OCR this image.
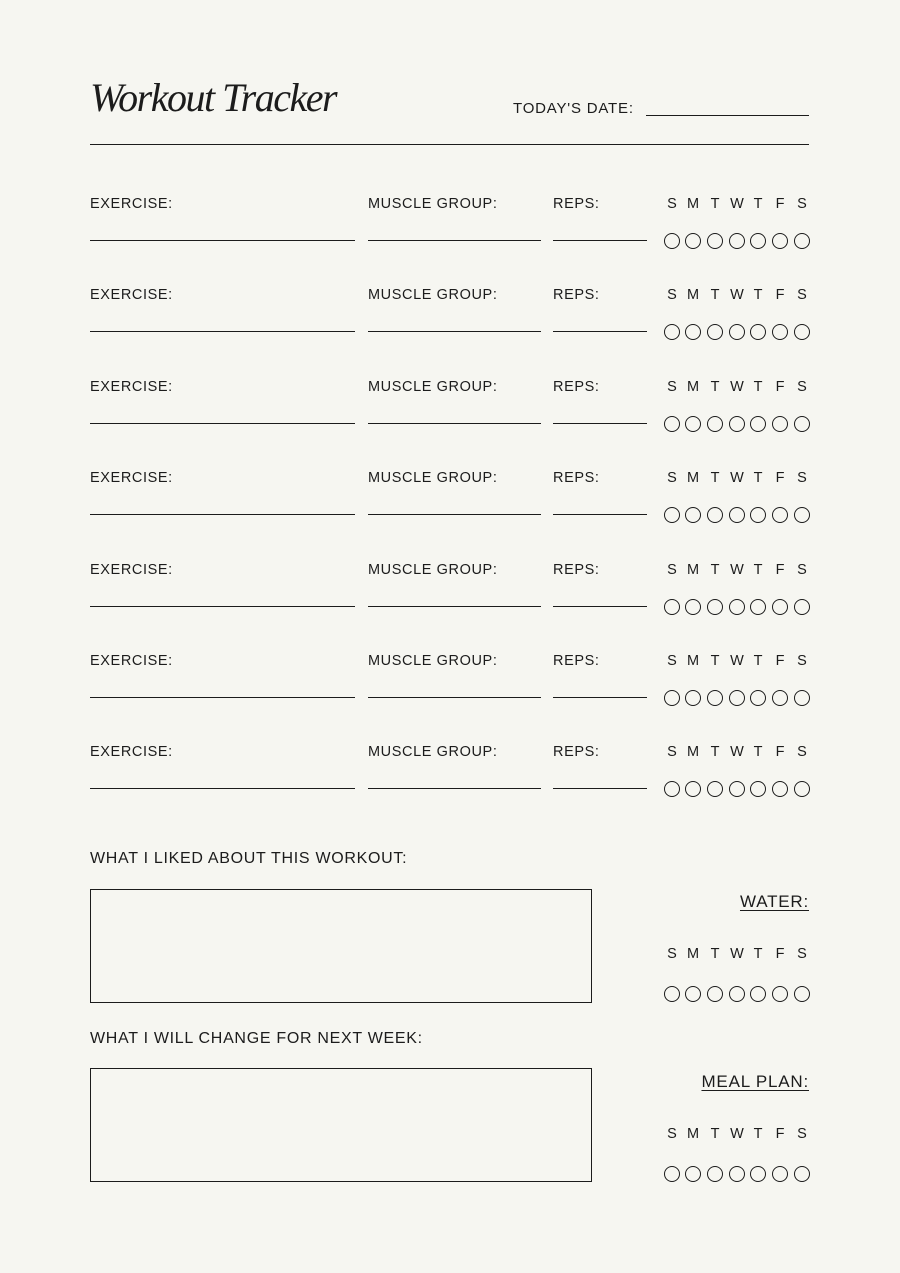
Workout Tracker	TODAY'S DATE:
EXERCISE:	MUSCLE GROUP:	REPS:	S M T W T F S
EXERCISE:	MUSCLE GROUP:	REPS:	S M T W T F S
EXERCISE:	MUSCLE GROUP:	REPS:	S M T W T F S
EXERCISE:	MUSCLE GROUP:	REPS:	S M T W T F S
EXERCISE:	MUSCLE GROUP:	REPS:	S M T W T F S
EXERCISE:	MUSCLE GROUP:	REPS:	S M T W T F S
EXERCISE:	MUSCLE GROUP:	REPS:	S M T W T F S
WHAT I LIKED ABOUT THIS WORKOUT:
WHAT I WILL CHANGE FOR NEXT WEEK:
WATER:
S M T W T F S
MEAL PLAN:
S M T W T F S
